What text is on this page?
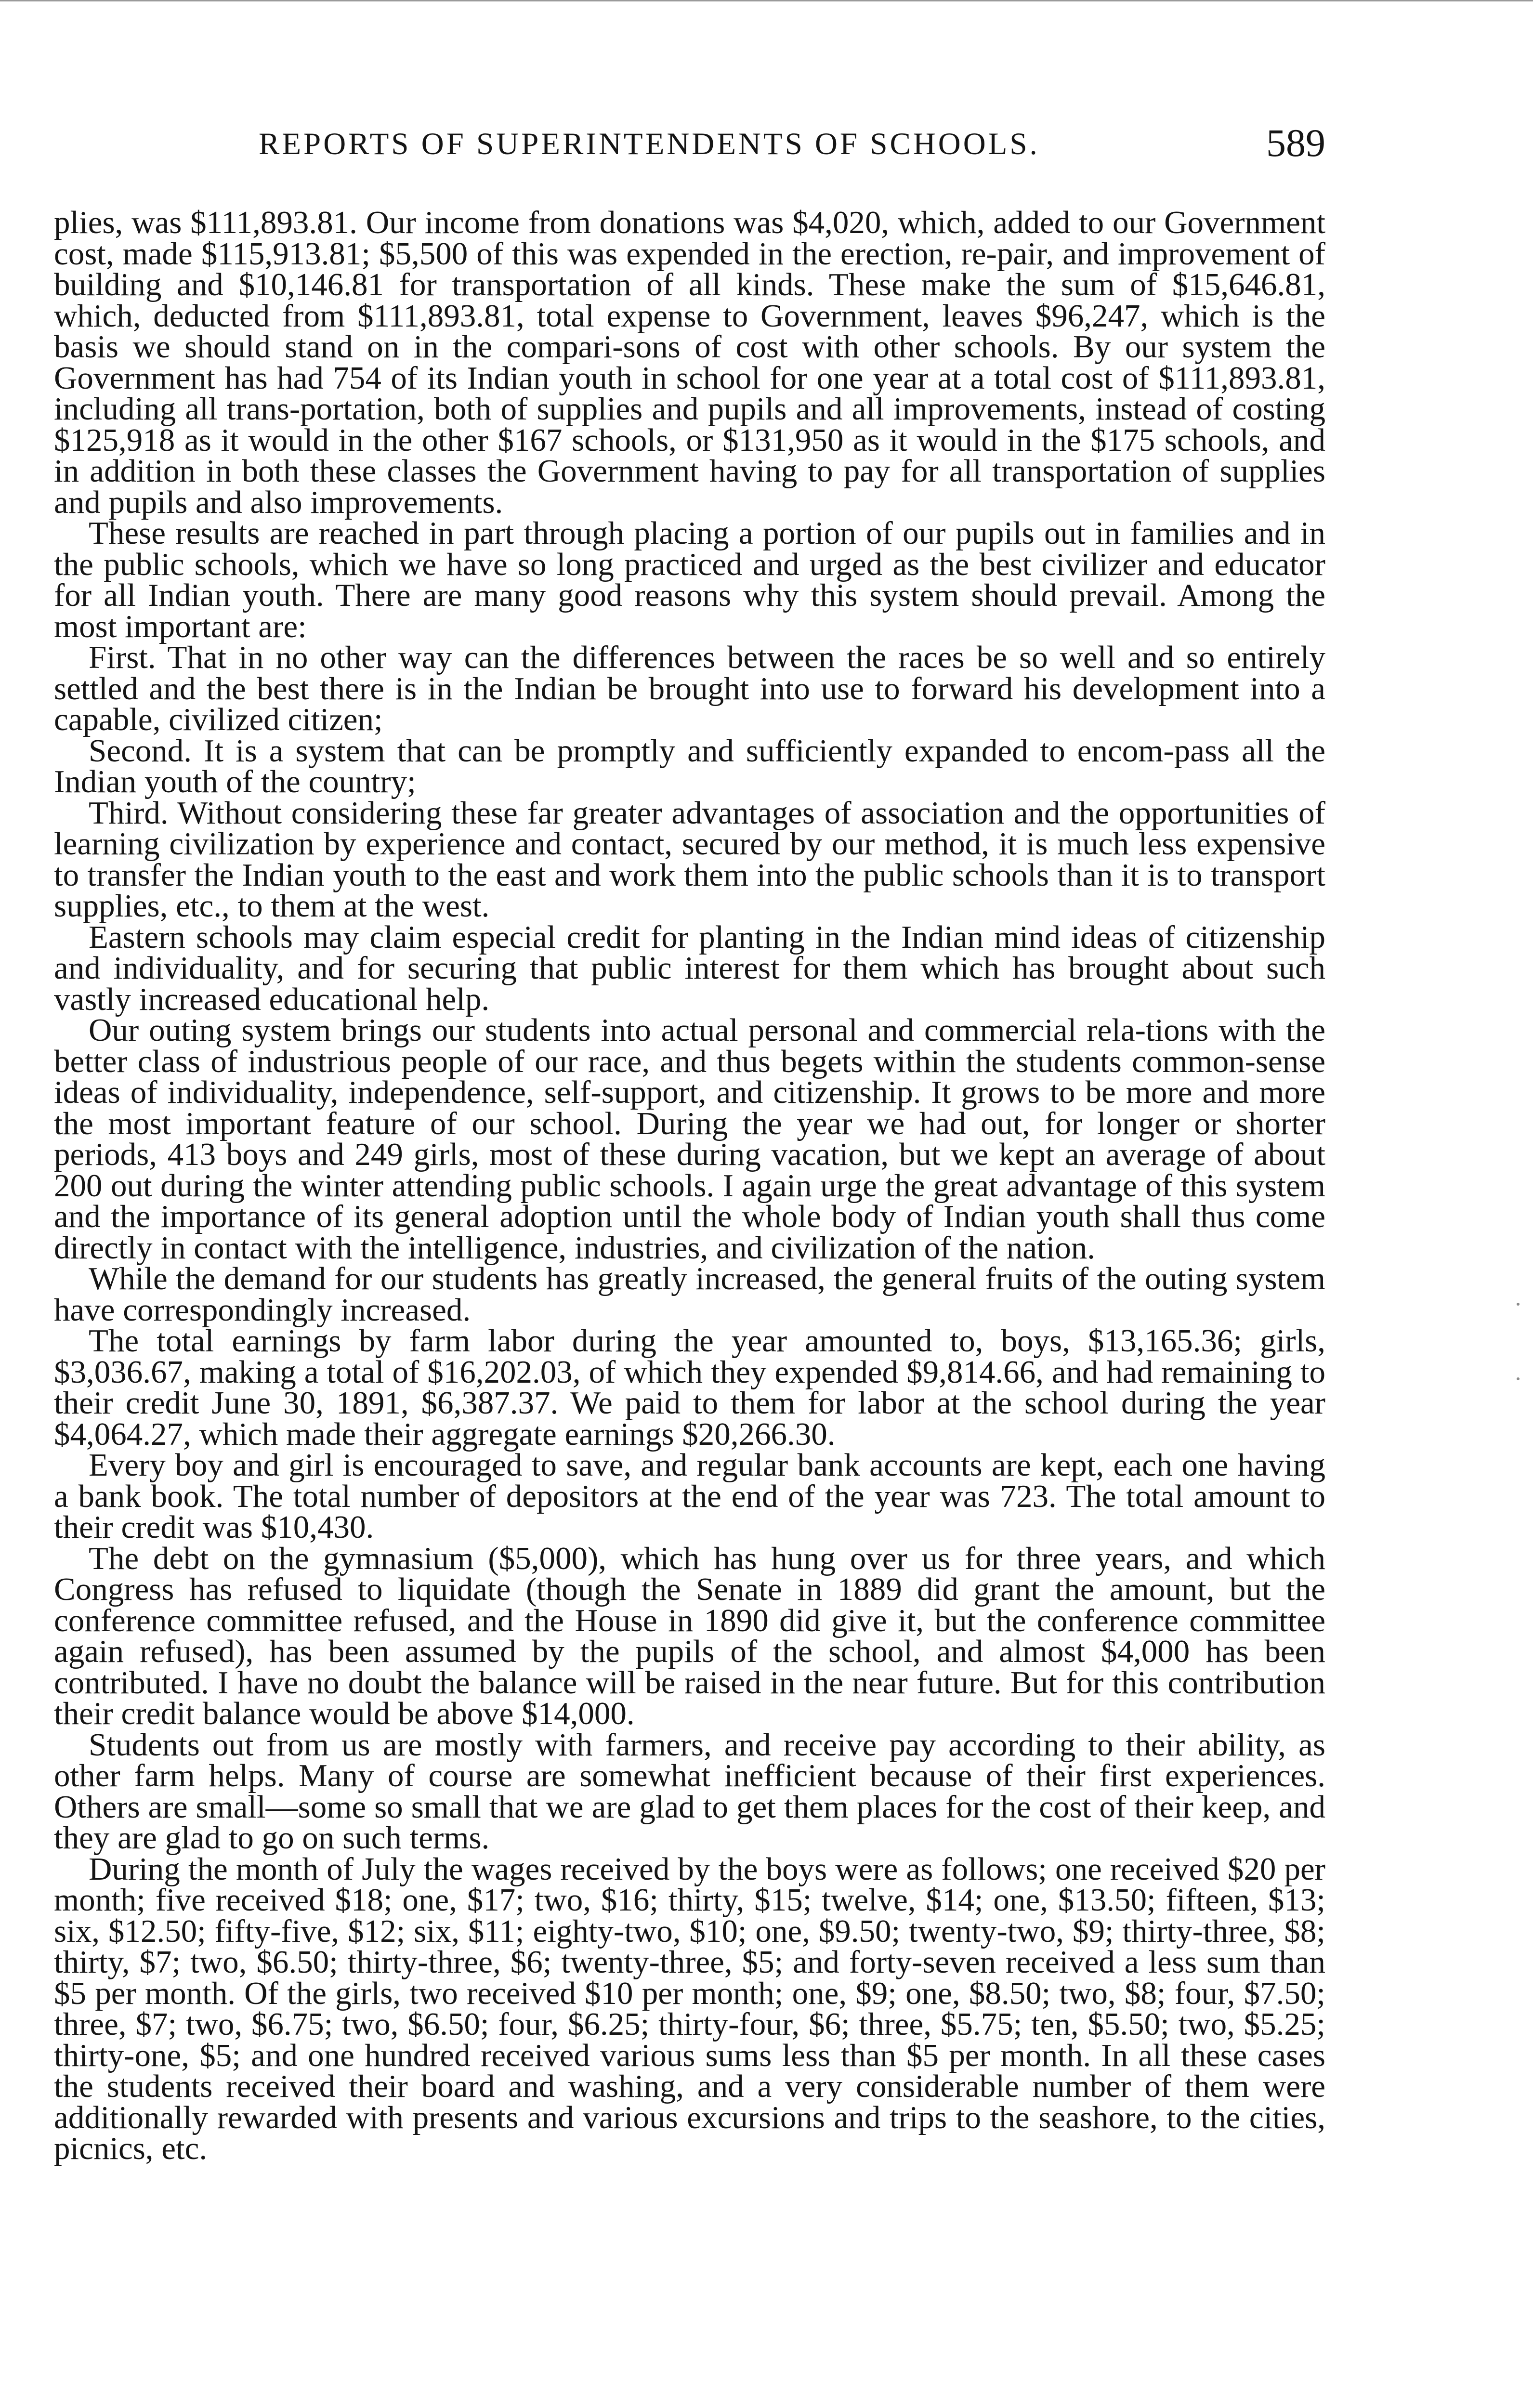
REPORTS OF SUPERINTENDENTS OF SCHOOLS.	589

plies, was $111,893.81. Our income from donations was $4,020, which, added to our Government cost, made $115,913.81; $5,500 of this was expended in the erection, re-pair, and improvement of building and $10,146.81 for transportation of all kinds. These make the sum of $15,646.81, which, deducted from $111,893.81, total expense to Government, leaves $96,247, which is the basis we should stand on in the compari-sons of cost with other schools. By our system the Government has had 754 of its Indian youth in school for one year at a total cost of $111,893.81, including all trans-portation, both of supplies and pupils and all improvements, instead of costing $125,918 as it would in the other $167 schools, or $131,950 as it would in the $175 schools, and in addition in both these classes the Government having to pay for all transportation of supplies and pupils and also improvements.

These results are reached in part through placing a portion of our pupils out in families and in the public schools, which we have so long practiced and urged as the best civilizer and educator for all Indian youth. There are many good reasons why this system should prevail. Among the most important are:

First. That in no other way can the differences between the races be so well and so entirely settled and the best there is in the Indian be brought into use to forward his development into a capable, civilized citizen;

Second. It is a system that can be promptly and sufficiently expanded to encom-pass all the Indian youth of the country;

Third. Without considering these far greater advantages of association and the opportunities of learning civilization by experience and contact, secured by our method, it is much less expensive to transfer the Indian youth to the east and work them into the public schools than it is to transport supplies, etc., to them at the west.

Eastern schools may claim especial credit for planting in the Indian mind ideas of citizenship and individuality, and for securing that public interest for them which has brought about such vastly increased educational help.

Our outing system brings our students into actual personal and commercial rela-tions with the better class of industrious people of our race, and thus begets within the students common-sense ideas of individuality, independence, self-support, and citizenship. It grows to be more and more the most important feature of our school. During the year we had out, for longer or shorter periods, 413 boys and 249 girls, most of these during vacation, but we kept an average of about 200 out during the winter attending public schools. I again urge the great advantage of this system and the importance of its general adoption until the whole body of Indian youth shall thus come directly in contact with the intelligence, industries, and civilization of the nation.

While the demand for our students has greatly increased, the general fruits of the outing system have correspondingly increased.

The total earnings by farm labor during the year amounted to, boys, $13,165.36; girls, $3,036.67, making a total of $16,202.03, of which they expended $9,814.66, and had remaining to their credit June 30, 1891, $6,387.37. We paid to them for labor at the school during the year $4,064.27, which made their aggregate earnings $20,266.30.

Every boy and girl is encouraged to save, and regular bank accounts are kept, each one having a bank book. The total number of depositors at the end of the year was 723. The total amount to their credit was $10,430.

The debt on the gymnasium ($5,000), which has hung over us for three years, and which Congress has refused to liquidate (though the Senate in 1889 did grant the amount, but the conference committee refused, and the House in 1890 did give it, but the conference committee again refused), has been assumed by the pupils of the school, and almost $4,000 has been contributed. I have no doubt the balance will be raised in the near future. But for this contribution their credit balance would be above $14,000.

Students out from us are mostly with farmers, and receive pay according to their ability, as other farm helps. Many of course are somewhat inefficient because of their first experiences. Others are small—some so small that we are glad to get them places for the cost of their keep, and they are glad to go on such terms.

During the month of July the wages received by the boys were as follows; one received $20 per month; five received $18; one, $17; two, $16; thirty, $15; twelve, $14; one, $13.50; fifteen, $13; six, $12.50; fifty-five, $12; six, $11; eighty-two, $10; one, $9.50; twenty-two, $9; thirty-three, $8; thirty, $7; two, $6.50; thirty-three, $6; twenty-three, $5; and forty-seven received a less sum than $5 per month. Of the girls, two received $10 per month; one, $9; one, $8.50; two, $8; four, $7.50; three, $7; two, $6.75; two, $6.50; four, $6.25; thirty-four, $6; three, $5.75; ten, $5.50; two, $5.25; thirty-one, $5; and one hundred received various sums less than $5 per month. In all these cases the students received their board and washing, and a very considerable number of them were additionally rewarded with presents and various excursions and trips to the seashore, to the cities, picnics, etc.
